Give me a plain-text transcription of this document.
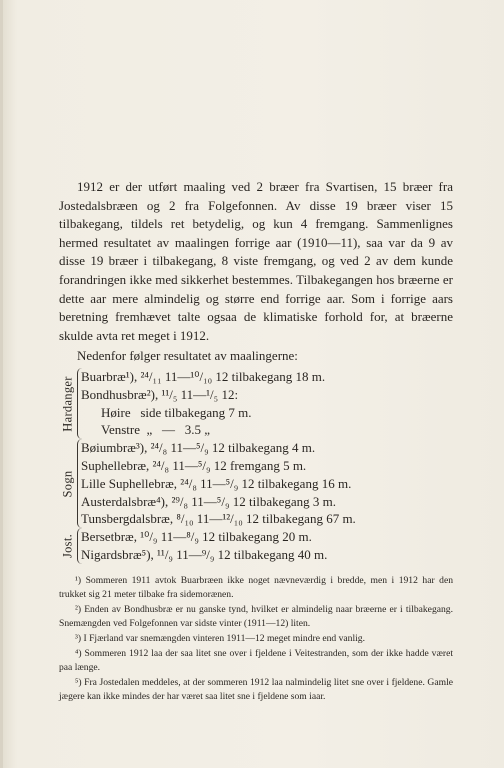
1912 er der utført maaling ved 2 bræer fra Svartisen, 15 bræer fra Jostedalsbræen og 2 fra Folgefonnen. Av disse 19 bræer viser 15 tilbakegang, tildels ret betydelig, og kun 4 fremgang. Sammenlignes hermed resultatet av maalingen forrige aar (1910—11), saa var da 9 av disse 19 bræer i tilbakegang, 8 viste fremgang, og ved 2 av dem kunde forandringen ikke med sikkerhet bestemmes. Tilbakegangen hos bræerne er dette aar mere almindelig og større end forrige aar. Som i forrige aars beretning fremhævet talte ogsaa de klimatiske forhold for, at bræerne skulde avta ret meget i 1912.

Nedenfor følger resultatet av maalingerne:

Hardanger Buarbræ¹), ²⁴/₁₁ 11—¹⁰/₁₀ 12 tilbakegang 18 m.
Bondhusbræ²), ¹¹/₅ 11—¹/₅ 12:
Høire   side tilbakegang 7 m.
Venstre  „   —   3.5 „
Sogn
Bøiumbræ³), ²⁴/₈ 11—⁵/₉ 12 tilbakegang 4 m.
Suphellebræ, ²⁴/₈ 11—⁵/₉ 12 fremgang 5 m.
Lille Suphellebræ, ²⁴/₈ 11—⁵/₉ 12 tilbakegang 16 m.
Austerdalsbræ⁴), ²⁹/₈ 11—⁵/₉ 12 tilbakegang 3 m.
Tunsbergdalsbræ, ⁸/₁₀ 11—¹²/₁₀ 12 tilbakegang 67 m.
Jost. Bersetbræ, ¹⁰/₉ 11—⁸/₉ 12 tilbakegang 20 m.
Nigardsbræ⁵), ¹¹/₉ 11—⁹/₉ 12 tilbakegang 40 m.

¹) Sommeren 1911 avtok Buarbræen ikke noget nævneværdig i bredde, men i 1912 har den trukket sig 21 meter tilbake fra sidemorænen.

²) Enden av Bondhusbræ er nu ganske tynd, hvilket er almindelig naar bræerne er i tilbakegang. Snemængden ved Folgefonnen var sidste vinter (1911—12) liten.

³) I Fjærland var snemængden vinteren 1911—12 meget mindre end vanlig.

⁴) Sommeren 1912 laa der saa litet sne over i fjeldene i Veitestranden, som der ikke hadde været paa længe.

⁵) Fra Jostedalen meddeles, at der sommeren 1912 laa nalmindelig litet sne over i fjeldene. Gamle jægere kan ikke mindes der har været saa litet sne i fjeldene som iaar.
